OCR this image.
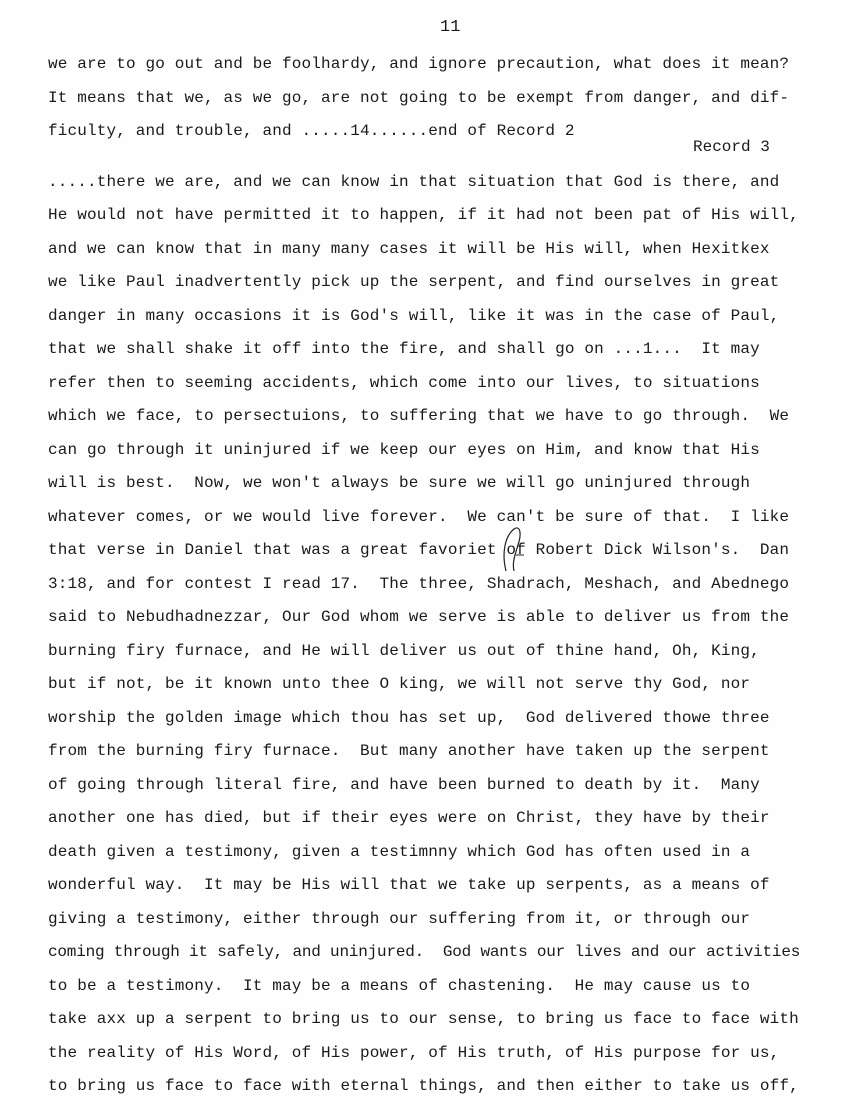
11
we are to go out and be foolhardy, and ignore precaution, what does it mean?
It means that we, as we go, are not going to be exempt from danger, and dif-
ficulty, and trouble, and .....14......end of Record 2
Record 3
.....there we are, and we can know in that situation that God is there, and
He would not have permitted it to happen, if it had not been pat of His will,
and we can know that in many many cases it will be His will, when Hexitkex
we like Paul inadvertently pick up the serpent, and find ourselves in great
danger in many occasions it is God's will, like it was in the case of Paul,
that we shall shake it off into the fire, and shall go on ...1...  It may
refer then to seeming accidents, which come into our lives, to situations
which we face, to persectuions, to suffering that we have to go through.  We
can go through it uninjured if we keep our eyes on Him, and know that His
will is best.  Now, we won't always be sure we will go uninjured through
whatever comes, or we would live forever.  We can't be sure of that.  I like
that verse in Daniel that was a great favoriet of Robert Dick Wilson's.  Dan
3:18, and for contest I read 17.  The three, Shadrach, Meshach, and Abednego
said to Nebudhadnezzar, Our God whom we serve is able to deliver us from the
burning firy furnace, and He will deliver us out of thine hand, Oh, King,
but if not, be it known unto thee O king, we will not serve thy God, nor
worship the golden image which thou has set up,  God delivered thowe three
from the burning firy furnace.  But many another have taken up the serpent
of going through literal fire, and have been burned to death by it.  Many
another one has died, but if their eyes were on Christ, they have by their
death given a testimony, given a testimnny which God has often used in a
wonderful way.  It may be His will that we take up serpents, as a means of
giving a testimony, either through our suffering from it, or through our
coming through it safely, and uninjured.  God wants our lives and our activities
to be a testimony.  It may be a means of chastening.  He may cause us to
take axx up a serpent to bring us to our sense, to bring us face to face with
the reality of His Word, of His power, of His truth, of His purpose for us,
to bring us face to face with eternal things, and then either to take us off,
